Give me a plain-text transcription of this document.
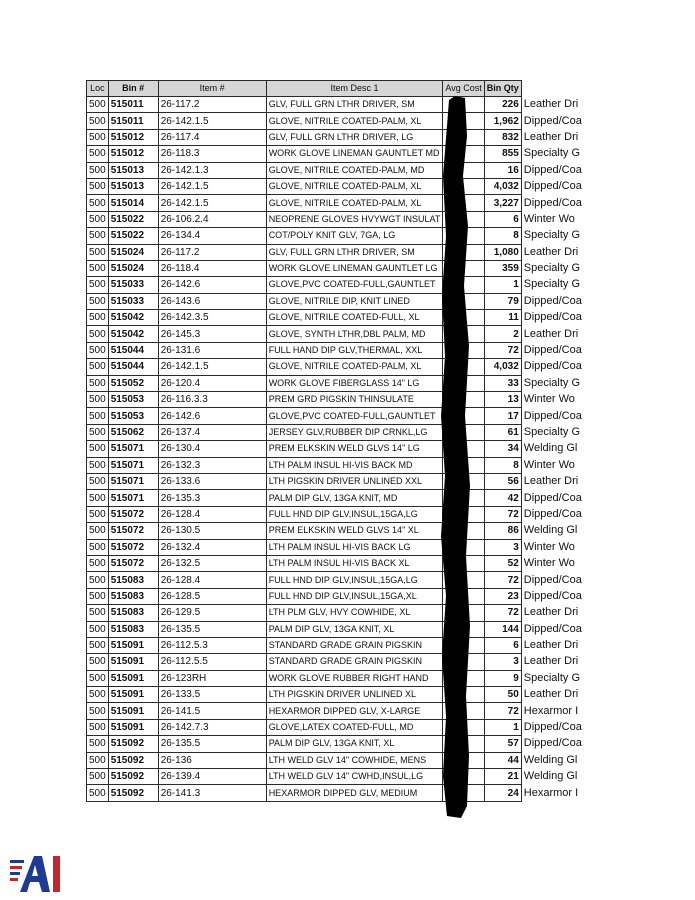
Loc	Bin #	Item #	Item Desc 1	Avg Cost	Bin Qty	
500	515011	26-117.2	GLV, FULL GRN LTHR DRIVER, SM		226	Leather Dri
500	515011	26-142.1.5	GLOVE, NITRILE COATED-PALM, XL		1,962	Dipped/Coa
500	515012	26-117.4	GLV, FULL GRN LTHR DRIVER, LG		832	Leather Dri
500	515012	26-118.3	WORK GLOVE LINEMAN GAUNTLET MD		855	Specialty G
500	515013	26-142.1.3	GLOVE, NITRILE COATED-PALM, MD		16	Dipped/Coa
500	515013	26-142.1.5	GLOVE, NITRILE COATED-PALM, XL		4,032	Dipped/Coa
500	515014	26-142.1.5	GLOVE, NITRILE COATED-PALM, XL		3,227	Dipped/Coa
500	515022	26-106.2.4	NEOPRENE GLOVES HVYWGT INSULAT		6	Winter Wo
500	515022	26-134.4	COT/POLY KNIT GLV, 7GA, LG		8	Specialty G
500	515024	26-117.2	GLV, FULL GRN LTHR DRIVER, SM		1,080	Leather Dri
500	515024	26-118.4	WORK GLOVE LINEMAN GAUNTLET LG		359	Specialty G
500	515033	26-142.6	GLOVE,PVC COATED-FULL,GAUNTLET		1	Specialty G
500	515033	26-143.6	GLOVE, NITRILE DIP, KNIT LINED		79	Dipped/Coa
500	515042	26-142.3.5	GLOVE, NITRILE COATED-FULL, XL		11	Dipped/Coa
500	515042	26-145.3	GLOVE, SYNTH LTHR,DBL PALM, MD		2	Leather Dri
500	515044	26-131.6	FULL HAND DIP GLV,THERMAL, XXL		72	Dipped/Coa
500	515044	26-142.1.5	GLOVE, NITRILE COATED-PALM, XL		4,032	Dipped/Coa
500	515052	26-120.4	WORK GLOVE FIBERGLASS 14" LG		33	Specialty G
500	515053	26-116.3.3	PREM GRD PIGSKIN THINSULATE		13	Winter Wo
500	515053	26-142.6	GLOVE,PVC COATED-FULL,GAUNTLET		17	Dipped/Coa
500	515062	26-137.4	JERSEY GLV,RUBBER DIP CRNKL,LG		61	Specialty G
500	515071	26-130.4	PREM ELKSKIN WELD GLVS 14" LG		34	Welding Gl
500	515071	26-132.3	LTH PALM INSUL HI-VIS BACK MD		8	Winter Wo
500	515071	26-133.6	LTH PIGSKIN DRIVER UNLINED XXL		56	Leather Dri
500	515071	26-135.3	PALM DIP GLV, 13GA KNIT, MD		42	Dipped/Coa
500	515072	26-128.4	FULL HND DIP GLV,INSUL,15GA,LG		72	Dipped/Coa
500	515072	26-130.5	PREM ELKSKIN WELD GLVS 14" XL		86	Welding Gl
500	515072	26-132.4	LTH PALM INSUL HI-VIS BACK LG		3	Winter Wo
500	515072	26-132.5	LTH PALM INSUL HI-VIS BACK XL		52	Winter Wo
500	515083	26-128.4	FULL HND DIP GLV,INSUL,15GA,LG		72	Dipped/Coa
500	515083	26-128.5	FULL HND DIP GLV,INSUL,15GA,XL		23	Dipped/Coa
500	515083	26-129.5	LTH PLM GLV, HVY COWHIDE, XL		72	Leather Dri
500	515083	26-135.5	PALM DIP GLV, 13GA KNIT, XL		144	Dipped/Coa
500	515091	26-112.5.3	STANDARD GRADE GRAIN PIGSKIN		6	Leather Dri
500	515091	26-112.5.5	STANDARD GRADE GRAIN PIGSKIN		3	Leather Dri
500	515091	26-123RH	WORK GLOVE RUBBER RIGHT HAND		9	Specialty G
500	515091	26-133.5	LTH PIGSKIN DRIVER UNLINED XL		50	Leather Dri
500	515091	26-141.5	HEXARMOR DIPPED GLV, X-LARGE		72	Hexarmor I
500	515091	26-142.7.3	GLOVE,LATEX COATED-FULL, MD		1	Dipped/Coa
500	515092	26-135.5	PALM DIP GLV, 13GA KNIT, XL		57	Dipped/Coa
500	515092	26-136	LTH WELD GLV 14" COWHIDE, MENS		44	Welding Gl
500	515092	26-139.4	LTH WELD GLV 14" CWHD,INSUL,LG		21	Welding Gl
500	515092	26-141.3	HEXARMOR DIPPED GLV, MEDIUM		24	Hexarmor I
